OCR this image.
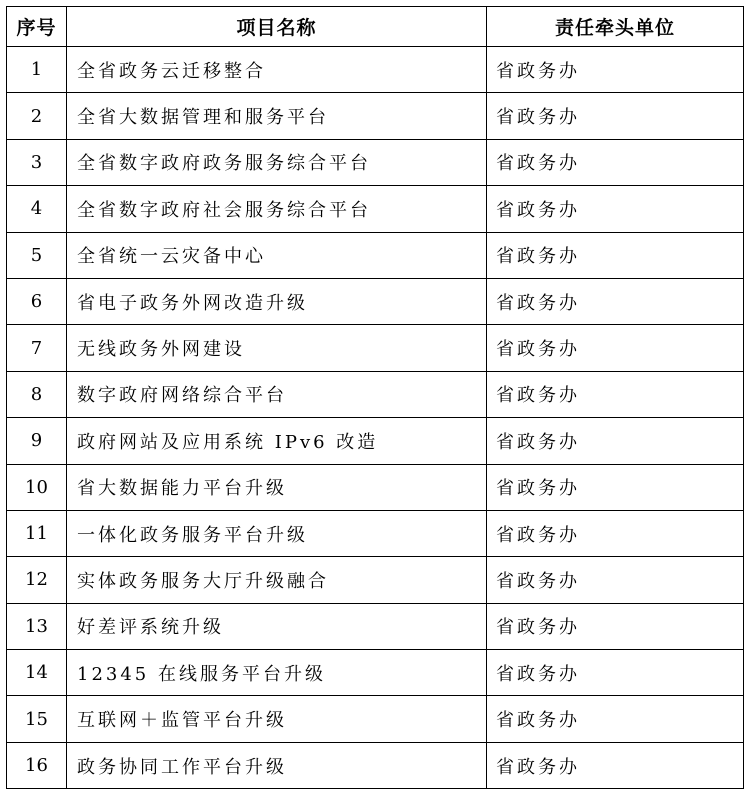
序号	项目名称	责任牵头单位
1	全省政务云迁移整合	省政务办
2	全省大数据管理和服务平台	省政务办
3	全省数字政府政务服务综合平台	省政务办
4	全省数字政府社会服务综合平台	省政务办
5	全省统一云灾备中心	省政务办
6	省电子政务外网改造升级	省政务办
7	无线政务外网建设	省政务办
8	数字政府网络综合平台	省政务办
9	政府网站及应用系统 IPv6 改造	省政务办
10	省大数据能力平台升级	省政务办
11	一体化政务服务平台升级	省政务办
12	实体政务服务大厅升级融合	省政务办
13	好差评系统升级	省政务办
14	12345 在线服务平台升级	省政务办
15	互联网＋监管平台升级	省政务办
16	政务协同工作平台升级	省政务办
